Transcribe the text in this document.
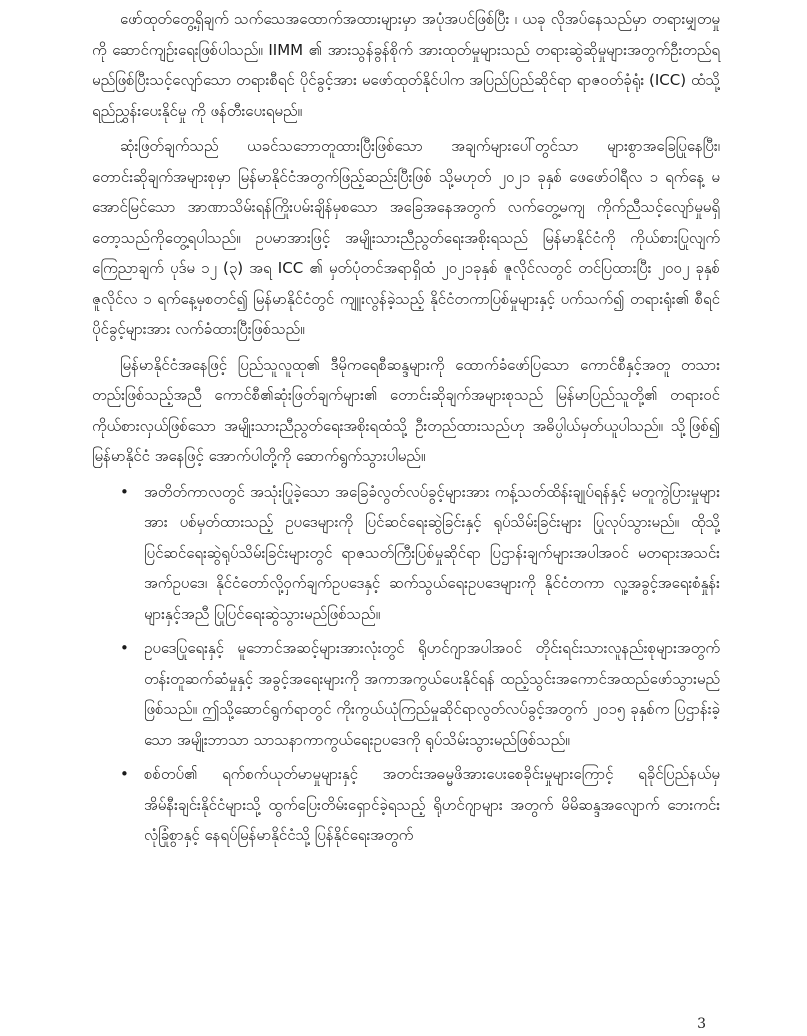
ဖော်ထုတ်တွေ့ရှိချက် သက်သေအထောက်အထားများမှာ အပုံအပင်ဖြစ်ပြီး ၊ ယခု လိုအပ်နေသည်မှာ တရားမျှတမှုကို ဆောင်ကျဉ်းရေးဖြစ်ပါသည်။ IIMM ၏ အားသွန်ခွန်စိုက် အားထုတ်မှုများသည် တရားဆွဲဆိုမှုများအတွက်ဦးတည်ရမည်ဖြစ်ပြီးသင့်လျော်သော တရားစီရင် ပိုင်ခွင့်အား မဖော်ထုတ်နိုင်ပါက အပြည်ပြည်ဆိုင်ရာ ရာဇဝတ်ခုံရုံး (ICC) ထံသို့ ရည်ညွှန်းပေးနိုင်မှု ကို ဖန်တီးပေးရမည်။

ဆုံးဖြတ်ချက်သည် ယခင်သဘောတူထားပြီးဖြစ်သော အချက်များပေါ်တွင်သာ များစွာအခြေပြုနေပြီး၊ တောင်းဆိုချက်အများစုမှာ မြန်မာနိုင်ငံအတွက်ဖြည့်ဆည်းပြီးဖြစ် သို့မဟုတ် ၂၀၂၁ ခုနှစ် ဖေဖော်ဝါရီလ ၁ ရက်နေ့ မအောင်မြင်သော အာဏာသိမ်းရန်ကြိုးပမ်းချိန်မှစသော အခြေအနေအတွက် လက်တွေ့မကျ ကိုက်ညီသင့်လျော်မှုမရှိတော့သည်ကိုတွေ့ရပါသည်။ ဥပမာအားဖြင့် အမျိုးသားညီညွတ်ရေးအစိုးရသည် မြန်မာနိုင်ငံကို ကိုယ်စားပြုလျက် ကြေညာချက် ပုဒ်မ ၁၂ (၃) အရ ICC ၏ မှတ်ပုံတင်အရာရှိထံ ၂၀၂၁ခုနှစ် ဇူလိုင်လတွင် တင်ပြထားပြီး ၂၀၀၂ ခုနှစ် ဇူလိုင်လ ၁ ရက်နေ့မှစတင်၍ မြန်မာနိုင်ငံတွင် ကျူးလွန်ခဲ့သည့် နိုင်ငံတကာပြစ်မှုများနှင့် ပက်သက်၍ တရားရုံး၏ စီရင်ပိုင်ခွင့်များအား လက်ခံထားပြီးဖြစ်သည်။

မြန်မာနိုင်ငံအနေဖြင့် ပြည်သူလူထု၏ ဒီမိုကရေစီဆန္ဒများကို ထောက်ခံဖော်ပြသော ကောင်စီနှင့်အတူ တသားတည်းဖြစ်သည့်အညီ ကောင်စီ၏ဆုံးဖြတ်ချက်များ၏ တောင်းဆိုချက်အများစုသည် မြန်မာပြည်သူတို့၏ တရားဝင်ကိုယ်စားလှယ်ဖြစ်သော အမျိုးသားညီညွတ်ရေးအစိုးရထံသို့ ဦးတည်ထားသည်ဟု အဓိပ္ပါယ်မှတ်ယူပါသည်။ သို့ဖြစ်၍ မြန်မာနိုင်ငံ အနေဖြင့် အောက်ပါတို့ကို ဆောက်ရွက်သွားပါမည်။

• အတိတ်ကာလတွင် အသုံးပြုခဲ့သော အခြေခံလွတ်လပ်ခွင့်များအား ကန့်သတ်ထိန်းချုပ်ရန်နှင့် မတူကွဲပြားမှုများအား ပစ်မှတ်ထားသည့် ဥပဒေများကို ပြင်ဆင်ရေးဆွဲခြင်းနှင့် ရုပ်သိမ်းခြင်းများ ပြုလုပ်သွားမည်။ ထိုသို့ပြင်ဆင်ရေးဆွဲရုပ်သိမ်းခြင်းများတွင် ရာဇသတ်ကြီးပြစ်မှုဆိုင်ရာ ပြဌာန်းချက်များအပါအဝင် မတရားအသင်းအက်ဥပဒေ၊ နိုင်ငံတော်လို့ဝှက်ချက်ဥပဒေနှင့် ဆက်သွယ်ရေးဥပဒေများကို နိုင်ငံတကာ လူ့အခွင့်အရေးစံနှုန်းများနှင့်အညီ ပြုပြင်ရေးဆွဲသွားမည်ဖြစ်သည်။
• ဥပဒေပြုရေးနှင့် မူဘောင်အဆင့်များအားလုံးတွင် ရိုဟင်ဂျာအပါအဝင် တိုင်းရင်းသားလူနည်းစုများအတွက် တန်းတူဆက်ဆံမှုနှင့် အခွင့်အရေးများကို အကာအကွယ်ပေးနိုင်ရန် ထည့်သွင်းအကောင်အထည်ဖော်သွားမည်ဖြစ်သည်။ ဤသို့ဆောင်ရွက်ရာတွင် ကိုးကွယ်ယုံကြည်မှုဆိုင်ရာလွတ်လပ်ခွင့်အတွက် ၂၀၁၅ ခုနှစ်က ပြဌာန်းခဲ့သော အမျိုးဘာသာ သာသနာကာကွယ်ရေးဥပဒေကို ရုပ်သိမ်းသွားမည်ဖြစ်သည်။
• စစ်တပ်၏ ရက်စက်ယုတ်မာမှုများနှင့် အတင်းအဓမ္မဖိအားပေးစေခိုင်းမှုများကြောင့် ရခိုင်ပြည်နယ်မှ အိမ်နီးချင်းနိုင်ငံများသို့ ထွက်ပြေးတိမ်းရှောင်ခဲ့ရသည့် ရိုဟင်ဂျာများ အတွက် မိမိဆန္ဒအလျောက် ဘေးကင်းလုံခြုံစွာနှင့် နေရပ်မြန်မာနိုင်ငံသို့ ပြန်နိုင်ရေးအတွက်
3
